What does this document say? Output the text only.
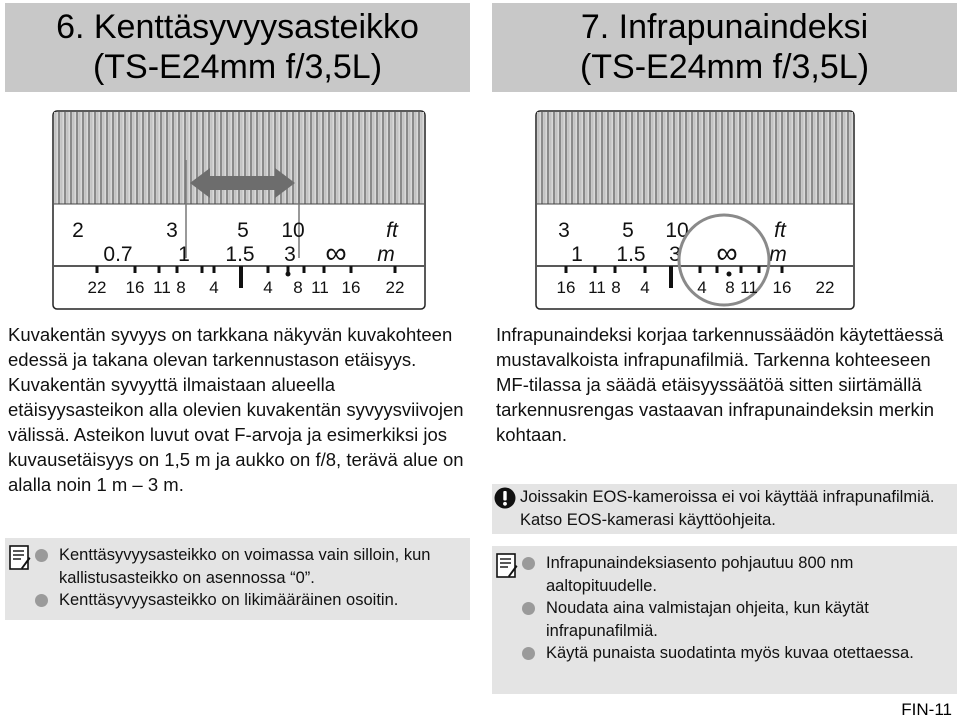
6. Kenttäsyvyysasteikko
(TS-E24mm f/3,5L)
7. Infrapunaindeksi
(TS-E24mm f/3,5L)
2	3	5 10	ft
0.7 1 1.5 3 ∞ m
22 16 11 8 4	4 8 11 16 22
3 5 10	ft
1 1.5 3 ∞ m
16 11 8 4	4 8 11 16 22

Kuvakentän syvyys on tarkkana näkyvän kuvakohteen edessä ja takana olevan tarkennustason etäisyys. Kuvakentän syvyyttä ilmaistaan alueella etäisyysasteikon alla olevien kuvakentän syvyysviivojen välissä. Asteikon luvut ovat F-arvoja ja esimerkiksi jos kuvausetäisyys on 1,5 m ja aukko on f/8, terävä alue on alalla noin 1 m – 3 m.

Kenttäsyvyysasteikko on voimassa vain silloin, kun kallistusasteikko on asennossa “0”.
Kenttäsyvyysasteikko on likimääräinen osoitin.

Infrapunaindeksi korjaa tarkennussäädön käytettäessä mustavalkoista infrapunafilmiä. Tarkenna kohteeseen MF-tilassa ja säädä etäisyyssäätöä sitten siirtämällä tarkennusrengas vastaavan infrapunaindeksin merkin kohtaan.

Joissakin EOS-kameroissa ei voi käyttää infrapunafilmiä. Katso EOS-kamerasi käyttöohjeita.
Infrapunaindeksiasento pohjautuu 800 nm aaltopituudelle.
Noudata aina valmistajan ohjeita, kun käytät infrapunafilmiä.
Käytä punaista suodatinta myös kuvaa otettaessa.
FIN-11
